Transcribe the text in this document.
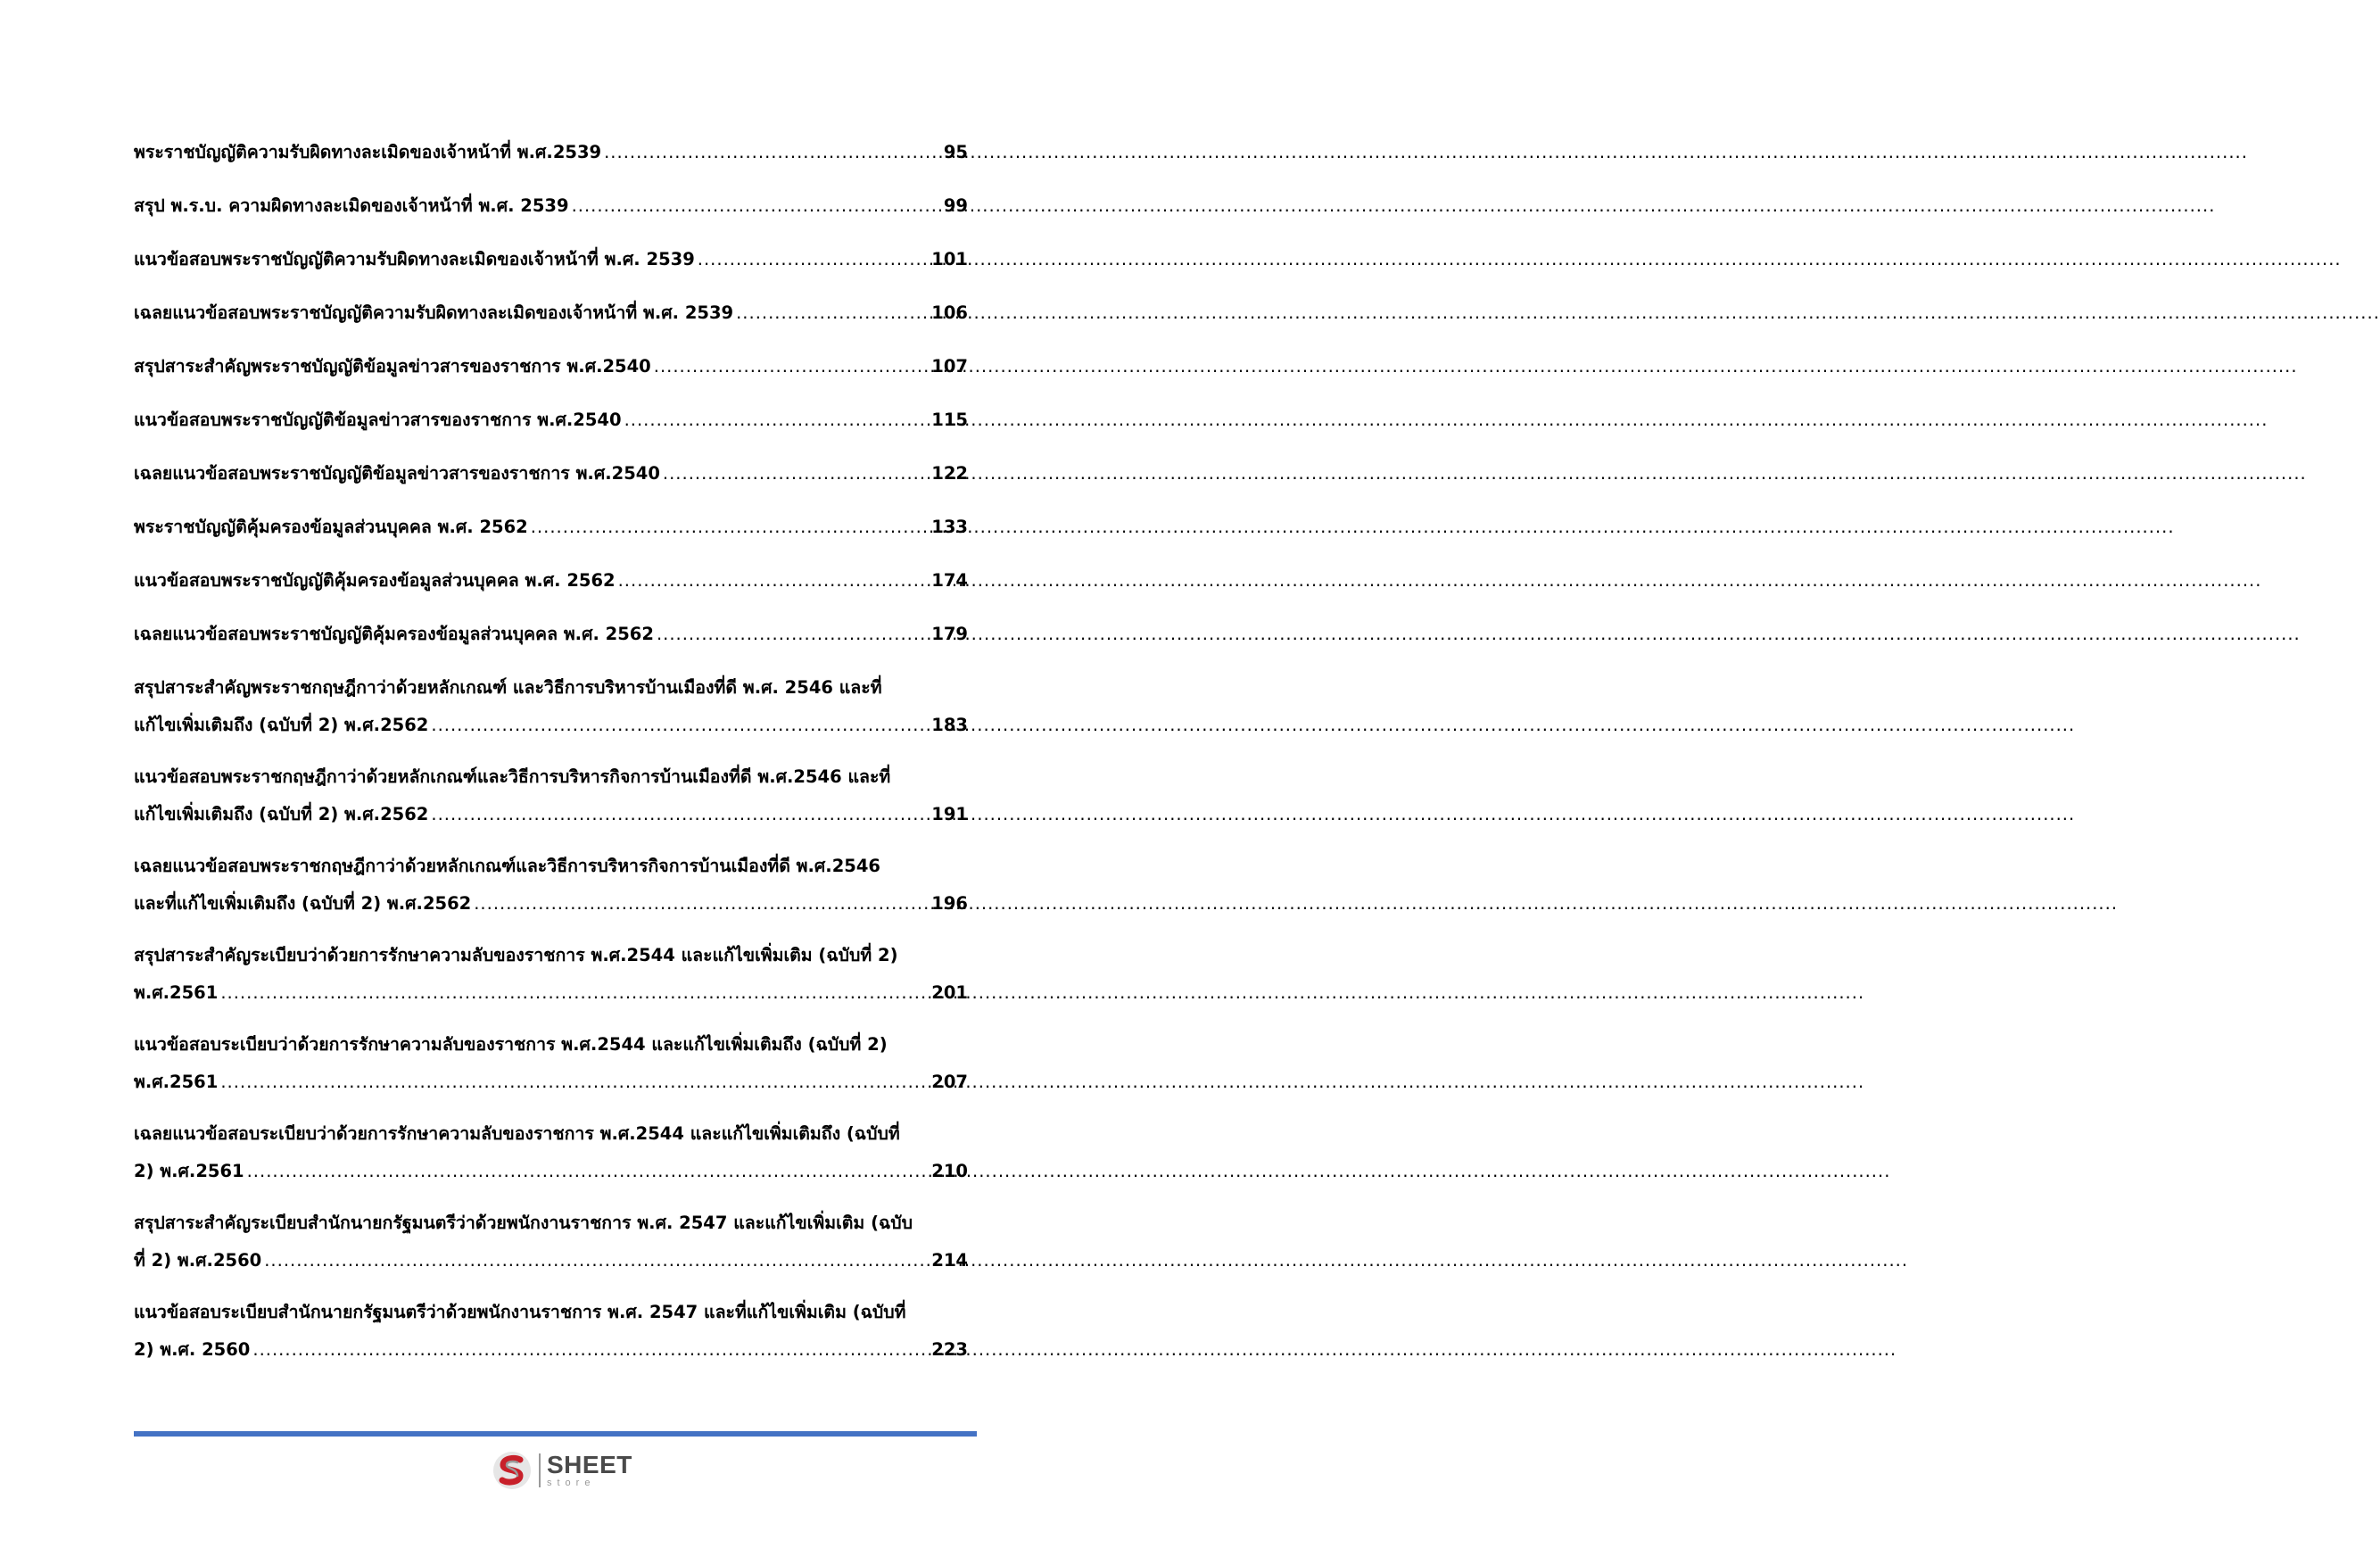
พระราชบัญญัติความรับผิดทางละเมิดของเจ้าหน้าที่ พ.ศ.2539 .....	95
สรุป พ.ร.บ. ความผิดทางละเมิดของเจ้าหน้าที่ พ.ศ. 2539 .....	99
แนวข้อสอบพระราชบัญญัติความรับผิดทางละเมิดของเจ้าหน้าที่ พ.ศ. 2539 .....	101
เฉลยแนวข้อสอบพระราชบัญญัติความรับผิดทางละเมิดของเจ้าหน้าที่ พ.ศ. 2539 .....	106
สรุปสาระสำคัญพระราชบัญญัติข้อมูลข่าวสารของราชการ พ.ศ.2540 .....	107
แนวข้อสอบพระราชบัญญัติข้อมูลข่าวสารของราชการ พ.ศ.2540 .....	115
เฉลยแนวข้อสอบพระราชบัญญัติข้อมูลข่าวสารของราชการ พ.ศ.2540 .....	122
พระราชบัญญัติคุ้มครองข้อมูลส่วนบุคคล พ.ศ. 2562 .....	133
แนวข้อสอบพระราชบัญญัติคุ้มครองข้อมูลส่วนบุคคล พ.ศ. 2562 .....	174
เฉลยแนวข้อสอบพระราชบัญญัติคุ้มครองข้อมูลส่วนบุคคล พ.ศ. 2562 .....	179
สรุปสาระสำคัญพระราชกฤษฎีกาว่าด้วยหลักเกณฑ์ และวิธีการบริหารบ้านเมืองที่ดี พ.ศ. 2546 และที่
แก้ไขเพิ่มเติมถึง (ฉบับที่ 2) พ.ศ.2562 .....	183
แนวข้อสอบพระราชกฤษฎีกาว่าด้วยหลักเกณฑ์และวิธีการบริหารกิจการบ้านเมืองที่ดี พ.ศ.2546 และที่
แก้ไขเพิ่มเติมถึง (ฉบับที่ 2) พ.ศ.2562 .....	191
เฉลยแนวข้อสอบพระราชกฤษฎีกาว่าด้วยหลักเกณฑ์และวิธีการบริหารกิจการบ้านเมืองที่ดี พ.ศ.2546
และที่แก้ไขเพิ่มเติมถึง (ฉบับที่ 2) พ.ศ.2562 .....	196
สรุปสาระสำคัญระเบียบว่าด้วยการรักษาความลับของราชการ พ.ศ.2544 และแก้ไขเพิ่มเติม (ฉบับที่ 2)
พ.ศ.2561 .....	201
แนวข้อสอบระเบียบว่าด้วยการรักษาความลับของราชการ พ.ศ.2544 และแก้ไขเพิ่มเติมถึง (ฉบับที่ 2)
พ.ศ.2561 .....	207
เฉลยแนวข้อสอบระเบียบว่าด้วยการรักษาความลับของราชการ พ.ศ.2544 และแก้ไขเพิ่มเติมถึง (ฉบับที่
2) พ.ศ.2561 .....	210
สรุปสาระสำคัญระเบียบสำนักนายกรัฐมนตรีว่าด้วยพนักงานราชการ พ.ศ. 2547 และแก้ไขเพิ่มเติม (ฉบับ
ที่ 2) พ.ศ.2560 .....	214
แนวข้อสอบระเบียบสำนักนายกรัฐมนตรีว่าด้วยพนักงานราชการ พ.ศ. 2547 และที่แก้ไขเพิ่มเติม (ฉบับที่
2) พ.ศ. 2560 .....	223
SHEET
store
